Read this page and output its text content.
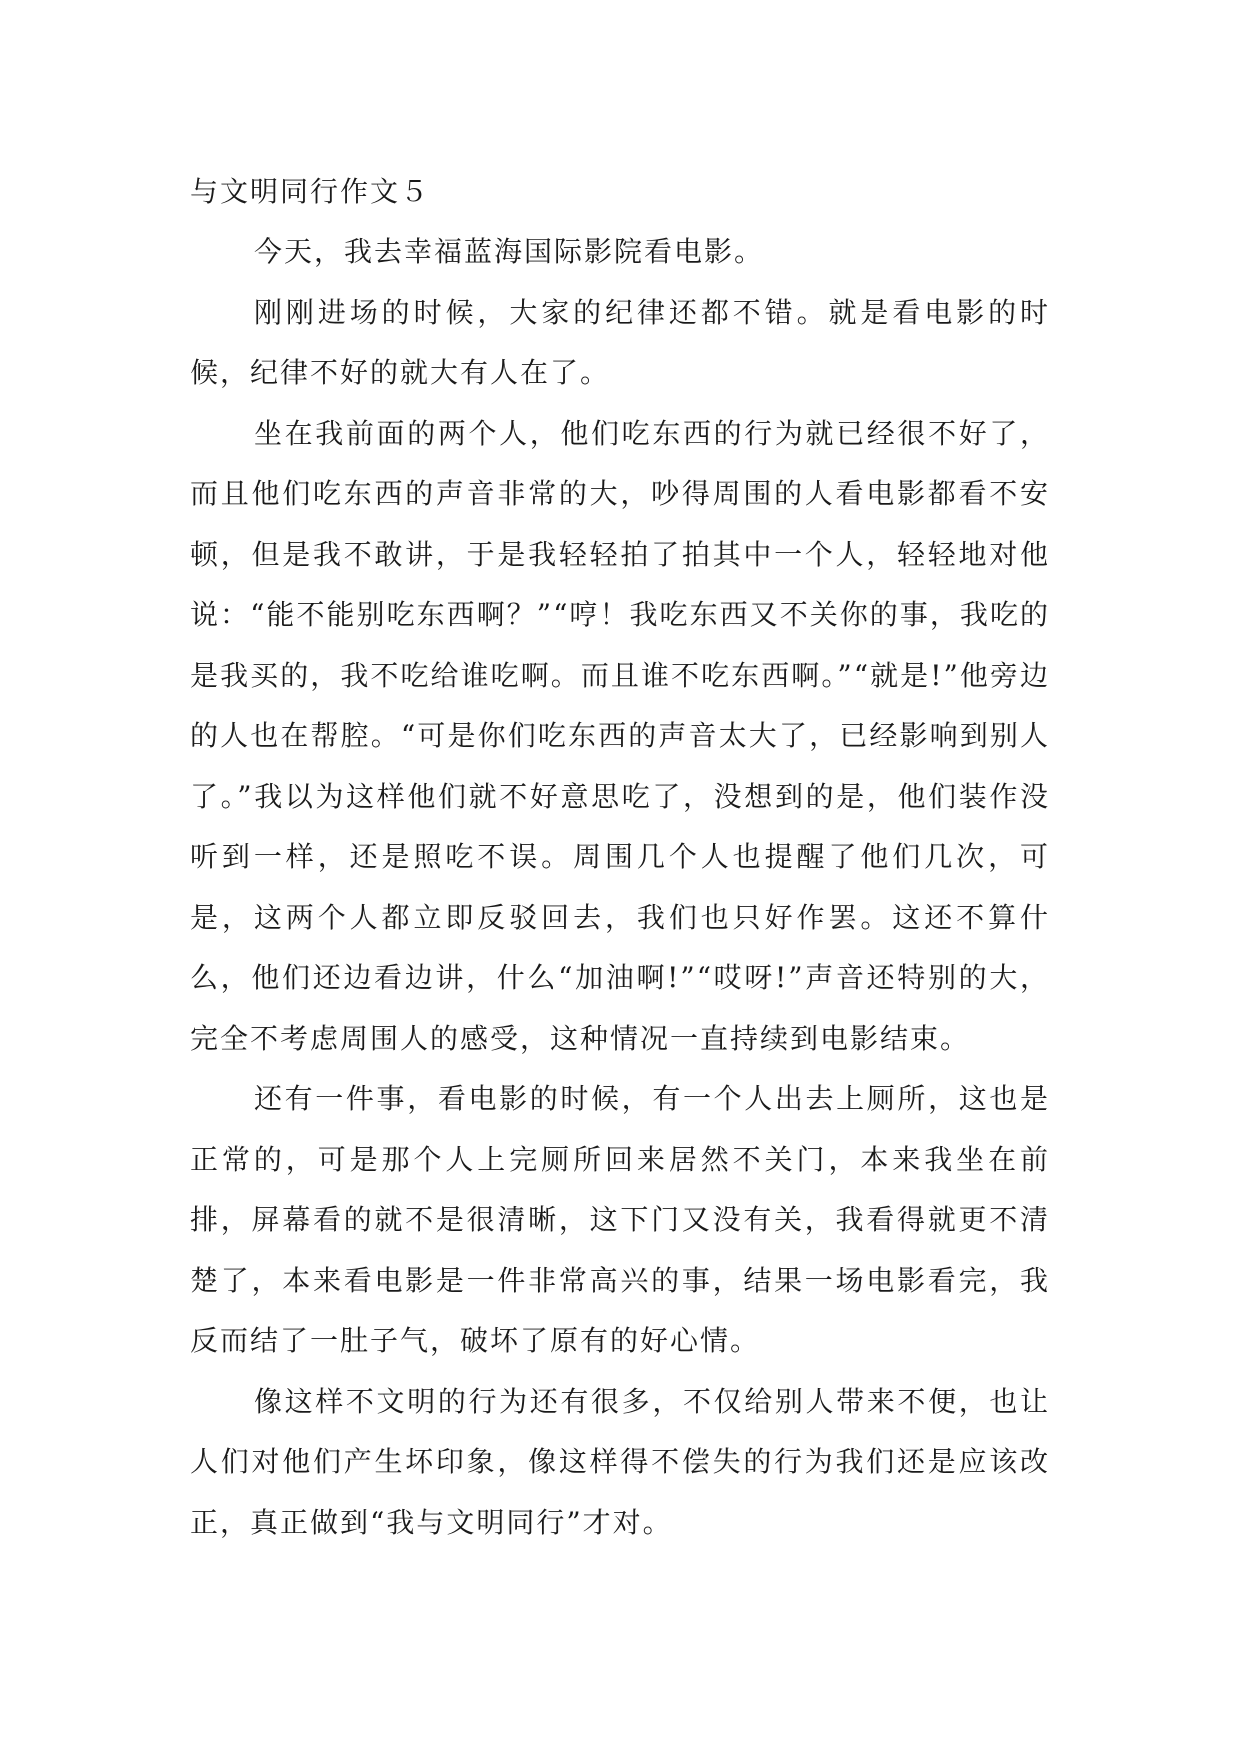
与文明同行作文５

今天，我去幸福蓝海国际影院看电影。

刚刚进场的时候，大家的纪律还都不错。就是看电影的时候，纪律不好的就大有人在了。

坐在我前面的两个人，他们吃东西的行为就已经很不好了，而且他们吃东西的声音非常的大，吵得周围的人看电影都看不安顿，但是我不敢讲，于是我轻轻拍了拍其中一个人，轻轻地对他说：“能不能别吃东西啊？”“哼！我吃东西又不关你的事，我吃的是我买的，我不吃给谁吃啊。而且谁不吃东西啊。”“就是!”他旁边的人也在帮腔。“可是你们吃东西的声音太大了，已经影响到别人了。”我以为这样他们就不好意思吃了，没想到的是，他们装作没听到一样，还是照吃不误。周围几个人也提醒了他们几次，可是，这两个人都立即反驳回去，我们也只好作罢。这还不算什么，他们还边看边讲，什么“加油啊!”“哎呀!”声音还特别的大，完全不考虑周围人的感受，这种情况一直持续到电影结束。

还有一件事，看电影的时候，有一个人出去上厕所，这也是正常的，可是那个人上完厕所回来居然不关门，本来我坐在前排，屏幕看的就不是很清晰，这下门又没有关，我看得就更不清楚了，本来看电影是一件非常高兴的事，结果一场电影看完，我反而结了一肚子气，破坏了原有的好心情。

像这样不文明的行为还有很多，不仅给别人带来不便，也让人们对他们产生坏印象，像这样得不偿失的行为我们还是应该改正，真正做到“我与文明同行”才对。
